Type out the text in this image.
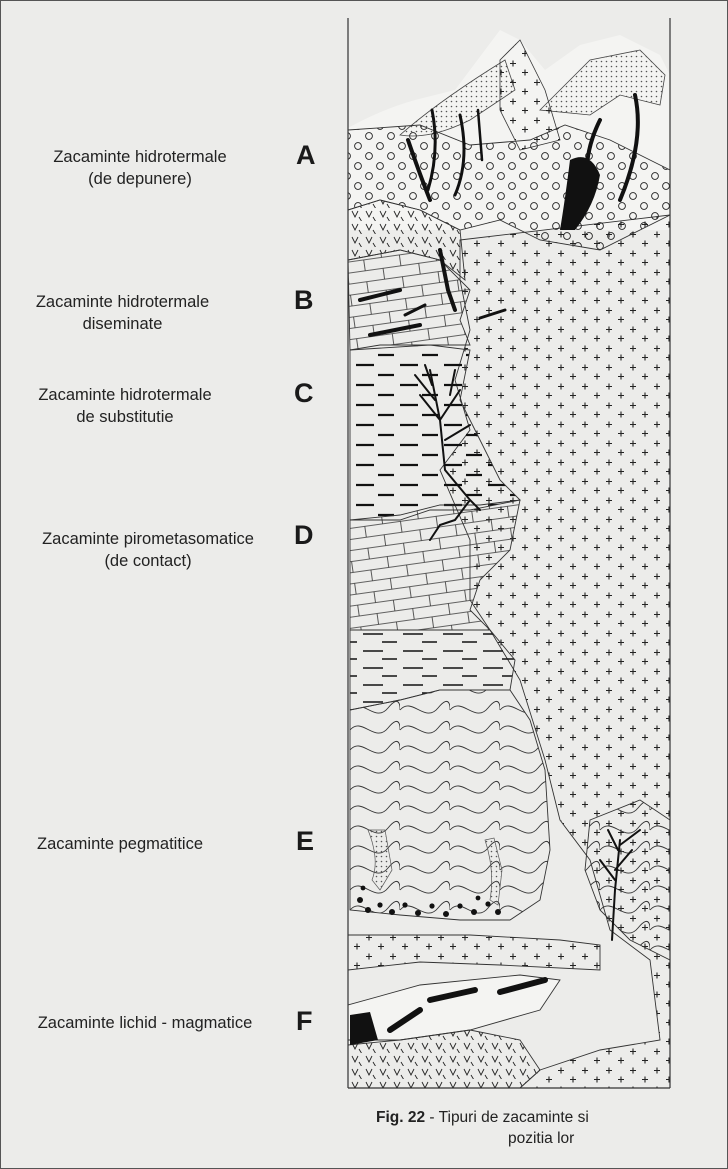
Zacaminte hidrotermale
(de depunere)
A
Zacaminte hidrotermale
diseminate
B
Zacaminte hidrotermale
de substitutie
C
Zacaminte pirometasomatice
(de contact)
D
Zacaminte pegmatitice	E
Zacaminte lichid - magmatice	F
Fig. 22 - Tipuri de zacaminte si
pozitia lor
